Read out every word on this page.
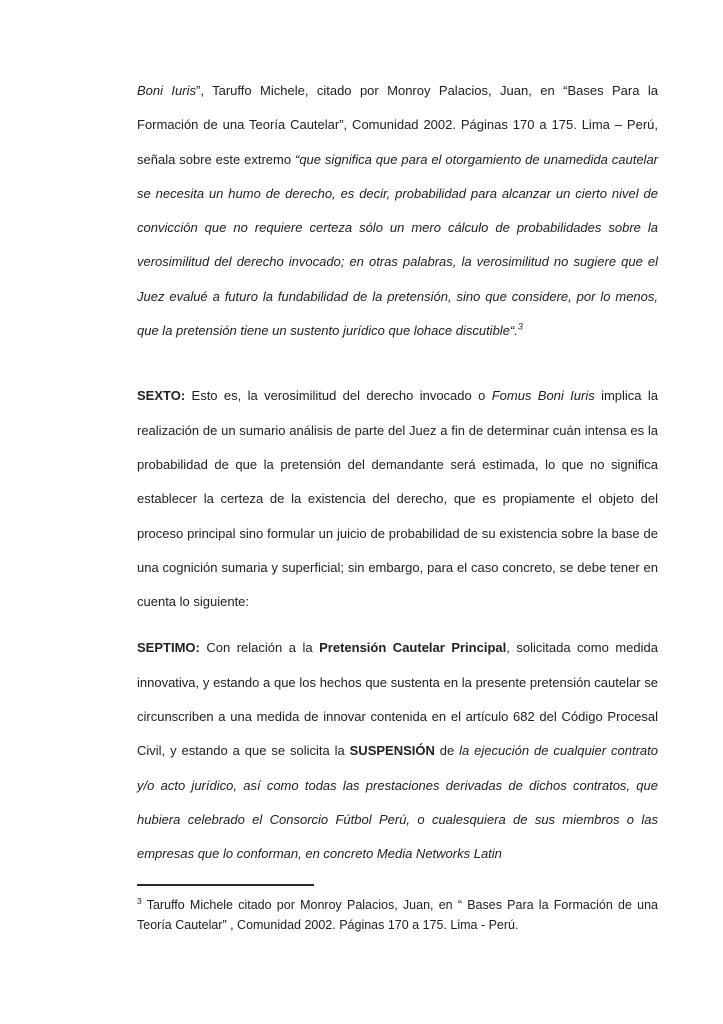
Boni Iuris”, Taruffo Michele, citado por Monroy Palacios, Juan, en “Bases Para la Formación de una Teoría Cautelar”, Comunidad 2002. Páginas 170 a 175. Lima – Perú, señala sobre este extremo “que significa que para el otorgamiento de unamedida cautelar se necesita un humo de derecho, es decir, probabilidad para alcanzar un cierto nivel de convicción que no requiere certeza sólo un mero cálculo de probabilidades sobre la verosimilitud del derecho invocado; en otras palabras, la verosimilitud no sugiere que el Juez evalué a futuro la fundabilidad de la pretensión, sino que considere, por lo menos, que la pretensión tiene un sustento jurídico que lohace discutible“.$^3$

SEXTO: Esto es, la verosimilitud del derecho invocado o Fomus Boni Iuris implica la realización de un sumario análisis de parte del Juez a fin de determinar cuán intensa es la probabilidad de que la pretensión del demandante será estimada, lo que no significa establecer la certeza de la existencia del derecho, que es propiamente el objeto del proceso principal sino formular un juicio de probabilidad de su existencia sobre la base de una cognición sumaria y superficial; sin embargo, para el caso concreto, se debe tener en cuenta lo siguiente:

SEPTIMO: Con relación a la Pretensión Cautelar Principal, solicitada como medida innovativa, y estando a que los hechos que sustenta en la presente pretensión cautelar se circunscriben a una medida de innovar contenida en el artículo 682 del Código Procesal Civil, y estando a que se solicita la SUSPENSIÓN de la ejecución de cualquier contrato y/o acto jurídico, así como todas las prestaciones derivadas de dichos contratos, que hubiera celebrado el Consorcio Fútbol Perú, o cualesquiera de sus miembros o las empresas que lo conforman, en concreto Media Networks Latin

$^3$ Taruffo Michele citado por Monroy Palacios, Juan, en “ Bases Para la Formación de una Teoría Cautelar” , Comunidad 2002. Páginas 170 a 175. Lima - Perú.
